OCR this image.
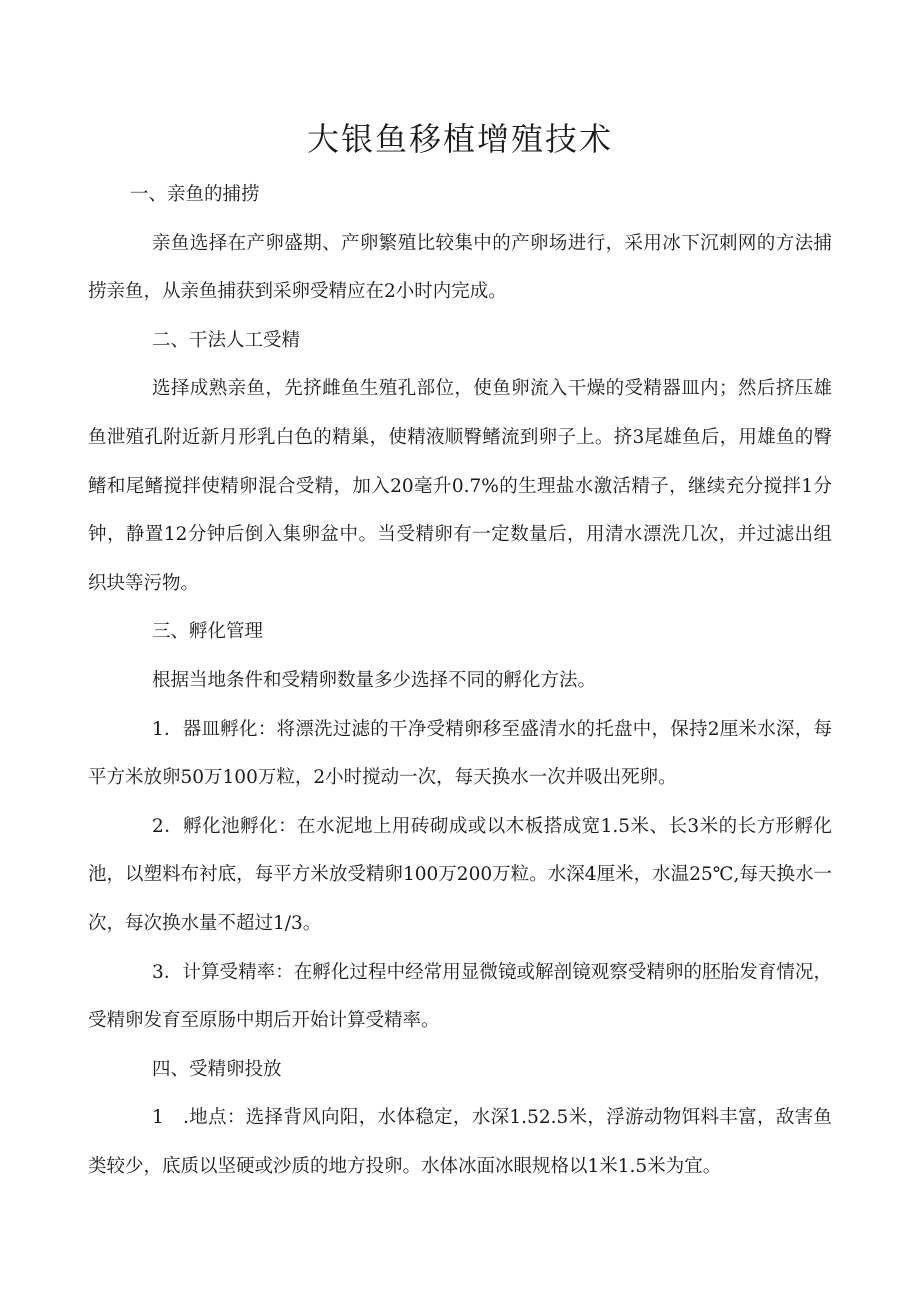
大银鱼移植增殖技术

一、亲鱼的捕捞

亲鱼选择在产卵盛期、产卵繁殖比较集中的产卵场进行，采用冰下沉刺网的方法捕捞亲鱼，从亲鱼捕获到采卵受精应在2小时内完成。

二、干法人工受精

选择成熟亲鱼，先挤雌鱼生殖孔部位，使鱼卵流入干燥的受精器皿内；然后挤压雄鱼泄殖孔附近新月形乳白色的精巢，使精液顺臀鳍流到卵子上。挤3尾雄鱼后，用雄鱼的臀鳍和尾鳍搅拌使精卵混合受精，加入20毫升0.7%的生理盐水激活精子，继续充分搅拌1分钟，静置12分钟后倒入集卵盆中。当受精卵有一定数量后，用清水漂洗几次，并过滤出组织块等污物。

三、孵化管理

根据当地条件和受精卵数量多少选择不同的孵化方法。

1．器皿孵化：将漂洗过滤的干净受精卵移至盛清水的托盘中，保持2厘米水深，每平方米放卵50万100万粒，2小时搅动一次，每天换水一次并吸出死卵。

2．孵化池孵化：在水泥地上用砖砌成或以木板搭成宽1.5米、长3米的长方形孵化池，以塑料布衬底，每平方米放受精卵100万200万粒。水深4厘米，水温25℃,每天换水一次，每次换水量不超过1/3。

3．计算受精率：在孵化过程中经常用显微镜或解剖镜观察受精卵的胚胎发育情况，受精卵发育至原肠中期后开始计算受精率。

四、受精卵投放

1　.地点：选择背风向阳，水体稳定，水深1.52.5米，浮游动物饵料丰富，敌害鱼类较少，底质以坚硬或沙质的地方投卵。水体冰面冰眼规格以1米1.5米为宜。
